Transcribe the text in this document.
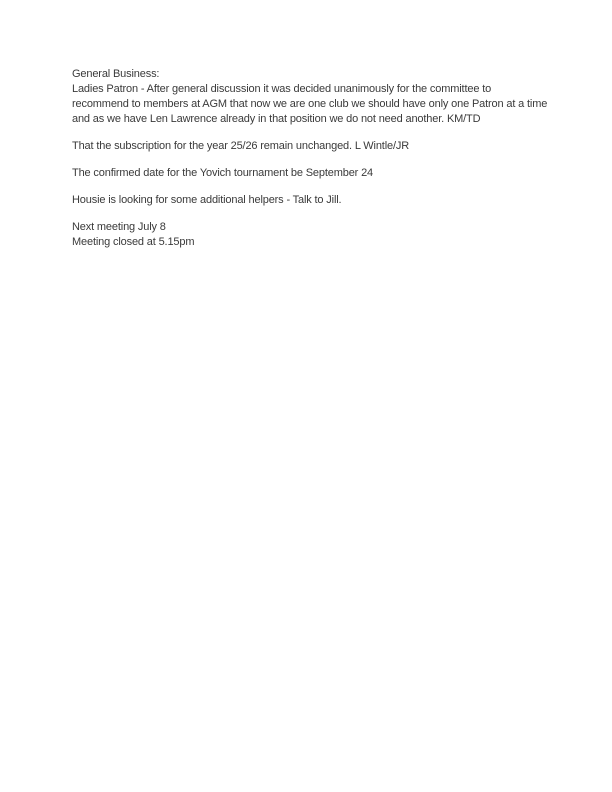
General Business:
Ladies Patron - After general discussion it was decided unanimously for the committee to
recommend to members at AGM that now we are one club we should have only one Patron at a time
and as we have Len Lawrence already in that position we do not need another. KM/TD
That the subscription for the year 25/26 remain unchanged. L Wintle/JR
The confirmed date for the Yovich tournament be September 24
Housie is looking for some additional helpers - Talk to Jill.
Next meeting July 8
Meeting closed at 5.15pm
